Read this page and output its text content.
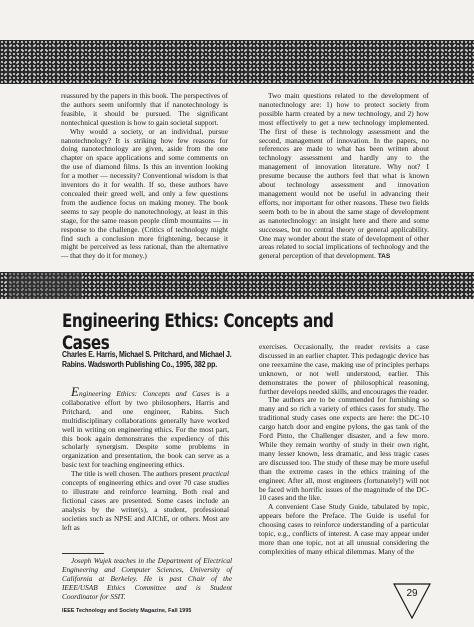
reassured by the papers in this book. The perspectives of the authors seem uniformly that if nanotechnology is feasible, it should be pursued. The significant nontechnical question is how to gain societal support.

Why would a society, or an individual, pursue nanotechnology? It is striking how few reasons for doing nanotechnology are given, aside from the one chapter on space applications and some comments on the use of diamond films. Is this an invention looking for a mother — necessity? Conventional wisdom is that inventors do it for wealth. If so, these authors have concealed their greed well, and only a few questions from the audience focus on making money. The book seems to say people do nanotechnology, at least in this stage, for the same reason people climb mountains — in response to the challenge. (Critics of technology might find such a conclusion more frightening, because it might be perceived as less rational, than the alternative — that they do it for money.)

Two main questions related to the development of nanotechnology are: 1) how to protect society from possible harm created by a new technology, and 2) how most effectively to get a new technology implemented. The first of these is technology assessment and the second, management of innovation. In the papers, no references are made to what has been written about technology assessment and hardly any to the management of innovation literature. Why not? I presume because the authors feel that what is known about technology assessment and innovation management would not be useful in advancing their efforts, nor important for other reasons. These two fields seem both to be in about the same stage of development as nanotechnology: an insight here and there and some successes, but no central theory or general applicability. One may wonder about the state of development of other areas related to social implications of technology and the general perception of that development. TAS

Engineering Ethics: Concepts and Cases
Charles E. Harris, Michael S. Pritchard, and Michael J. Rabins. Wadsworth Publishing Co., 1995, 382 pp.

Engineering Ethics: Concepts and Cases is a collaborative effort by two philosophers, Harris and Pritchard, and one engineer, Rabins. Such multidisciplinary collaborations generally have worked well in writing on engineering ethics. For the most part, this book again demonstrates the expediency of this scholarly synergism. Despite some problems in organization and presentation, the book can serve as a basic text for teaching engineering ethics.

The title is well chosen. The authors present practical concepts of engineering ethics and over 70 case studies to illustrate and reinforce learning. Both real and fictional cases are presented. Some cases include an analysis by the writer(s), a student, professional societies such as NPSE and AIChE, or others. Most are left as

Joseph Wujek teaches in the Department of Electrical Engineering and Computer Sciences, University of California at Berkeley. He is past Chair of the IEEE/USAB Ethics Committee and is Student Coordinator for SSIT.

exercises. Occasionally, the reader revisits a case discussed in an earlier chapter. This pedagogic device has one reexamine the case, making use of principles perhaps unknown, or not well understood, earlier. This demonstrates the power of philosophical reasoning, further develops needed skills, and encourages the reader.

The authors are to be commended for furnishing so many and so rich a variety of ethics cases for study. The traditional study cases one expects are here: the DC-10 cargo hatch door and engine pylons, the gas tank of the Ford Pinto, the Challenger disaster, and a few more. While they remain worthy of study in their own right, many lesser known, less dramatic, and less tragic cases are discussed too. The study of these may be more useful than the extreme cases in the ethics training of the engineer. After all, most engineers (fortunately!) will not be faced with horrific issues of the magnitude of the DC-10 cases and the like.

A convenient Case Study Guide, tabulated by topic, appears before the Preface. The Guide is useful for choosing cases to reinforce understanding of a particular topic, e.g., conflicts of interest. A case may appear under more than one topic, not at all unusual considering the complexities of many ethical dilemmas. Many of the

IEEE Technology and Society Magazine, Fall 1995
29
